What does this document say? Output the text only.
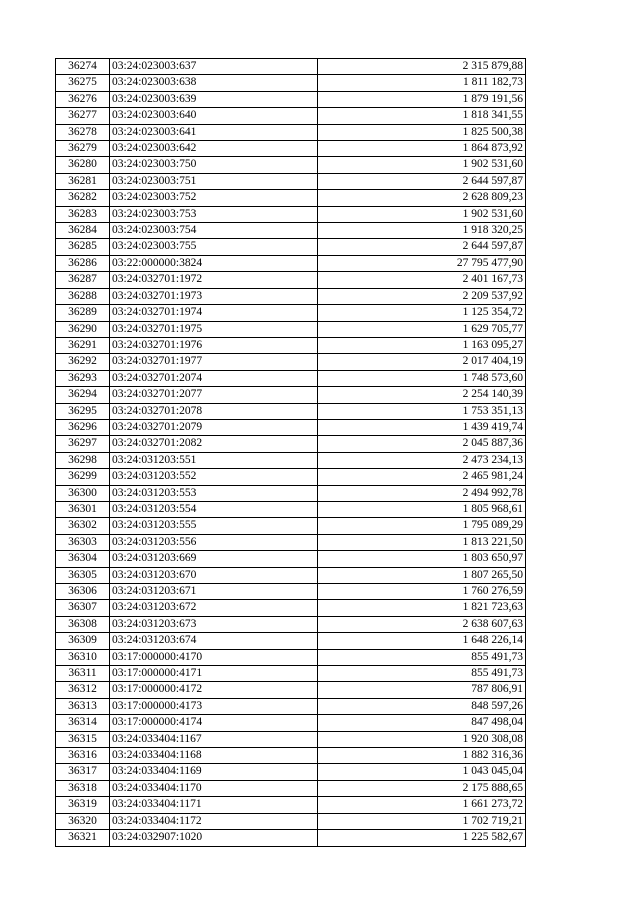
36274	03:24:023003:637	2 315 879,88
36275	03:24:023003:638	1 811 182,73
36276	03:24:023003:639	1 879 191,56
36277	03:24:023003:640	1 818 341,55
36278	03:24:023003:641	1 825 500,38
36279	03:24:023003:642	1 864 873,92
36280	03:24:023003:750	1 902 531,60
36281	03:24:023003:751	2 644 597,87
36282	03:24:023003:752	2 628 809,23
36283	03:24:023003:753	1 902 531,60
36284	03:24:023003:754	1 918 320,25
36285	03:24:023003:755	2 644 597,87
36286	03:22:000000:3824	27 795 477,90
36287	03:24:032701:1972	2 401 167,73
36288	03:24:032701:1973	2 209 537,92
36289	03:24:032701:1974	1 125 354,72
36290	03:24:032701:1975	1 629 705,77
36291	03:24:032701:1976	1 163 095,27
36292	03:24:032701:1977	2 017 404,19
36293	03:24:032701:2074	1 748 573,60
36294	03:24:032701:2077	2 254 140,39
36295	03:24:032701:2078	1 753 351,13
36296	03:24:032701:2079	1 439 419,74
36297	03:24:032701:2082	2 045 887,36
36298	03:24:031203:551	2 473 234,13
36299	03:24:031203:552	2 465 981,24
36300	03:24:031203:553	2 494 992,78
36301	03:24:031203:554	1 805 968,61
36302	03:24:031203:555	1 795 089,29
36303	03:24:031203:556	1 813 221,50
36304	03:24:031203:669	1 803 650,97
36305	03:24:031203:670	1 807 265,50
36306	03:24:031203:671	1 760 276,59
36307	03:24:031203:672	1 821 723,63
36308	03:24:031203:673	2 638 607,63
36309	03:24:031203:674	1 648 226,14
36310	03:17:000000:4170	855 491,73
36311	03:17:000000:4171	855 491,73
36312	03:17:000000:4172	787 806,91
36313	03:17:000000:4173	848 597,26
36314	03:17:000000:4174	847 498,04
36315	03:24:033404:1167	1 920 308,08
36316	03:24:033404:1168	1 882 316,36
36317	03:24:033404:1169	1 043 045,04
36318	03:24:033404:1170	2 175 888,65
36319	03:24:033404:1171	1 661 273,72
36320	03:24:033404:1172	1 702 719,21
36321	03:24:032907:1020	1 225 582,67
